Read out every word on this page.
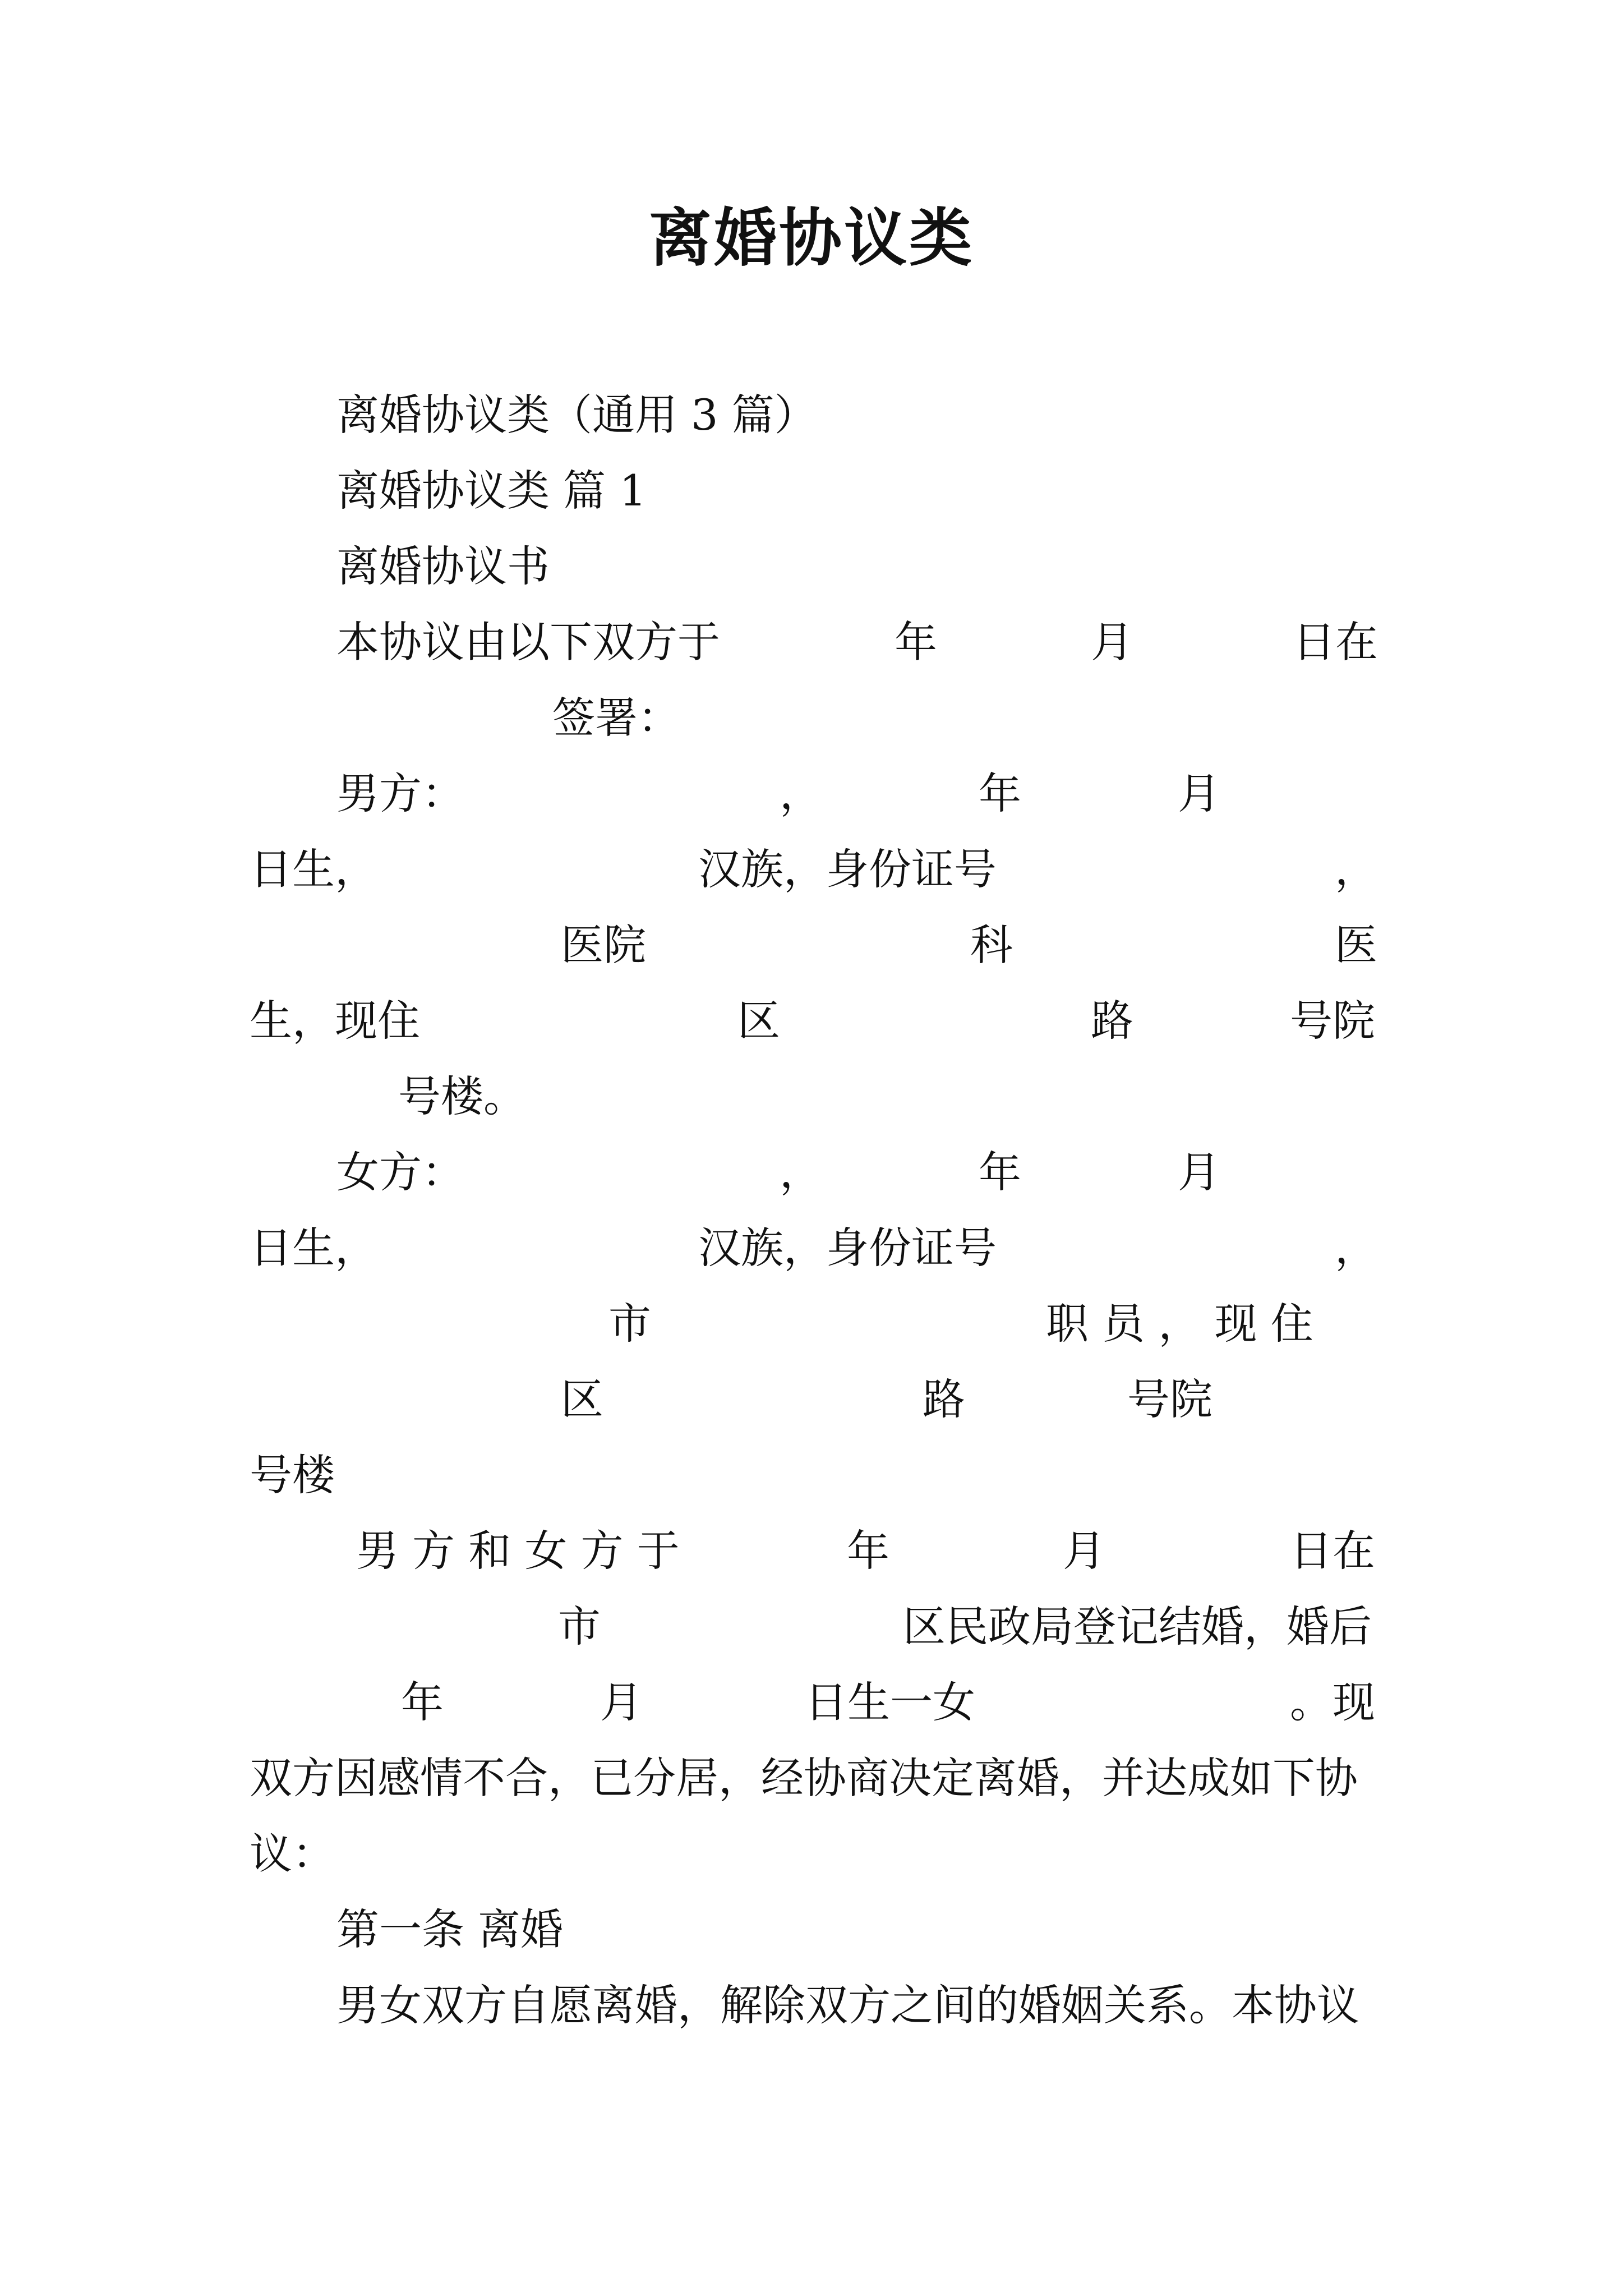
离婚协议类
离婚协议类（通用 3 篇）
离婚协议类 篇 1
离婚协议书
本协议由以下双方于	年	月	日在
签署：
男方：	，	年	月
日生，	汉族，身份证号	，
医院	科	医
生，现住	区	路	号院
号楼。
女方：	，	年	月
日生，	汉族，身份证号	，
市	职 员 ， 现 住
区	路	号院
号楼
男 方 和 女 方 于	年	月	日在
市	区民政局登记结婚，婚后
年	月	日生一女	。现
双方因感情不合，已分居，经协商决定离婚，并达成如下协
议：
第一条 离婚
男女双方自愿离婚，解除双方之间的婚姻关系。本协议
